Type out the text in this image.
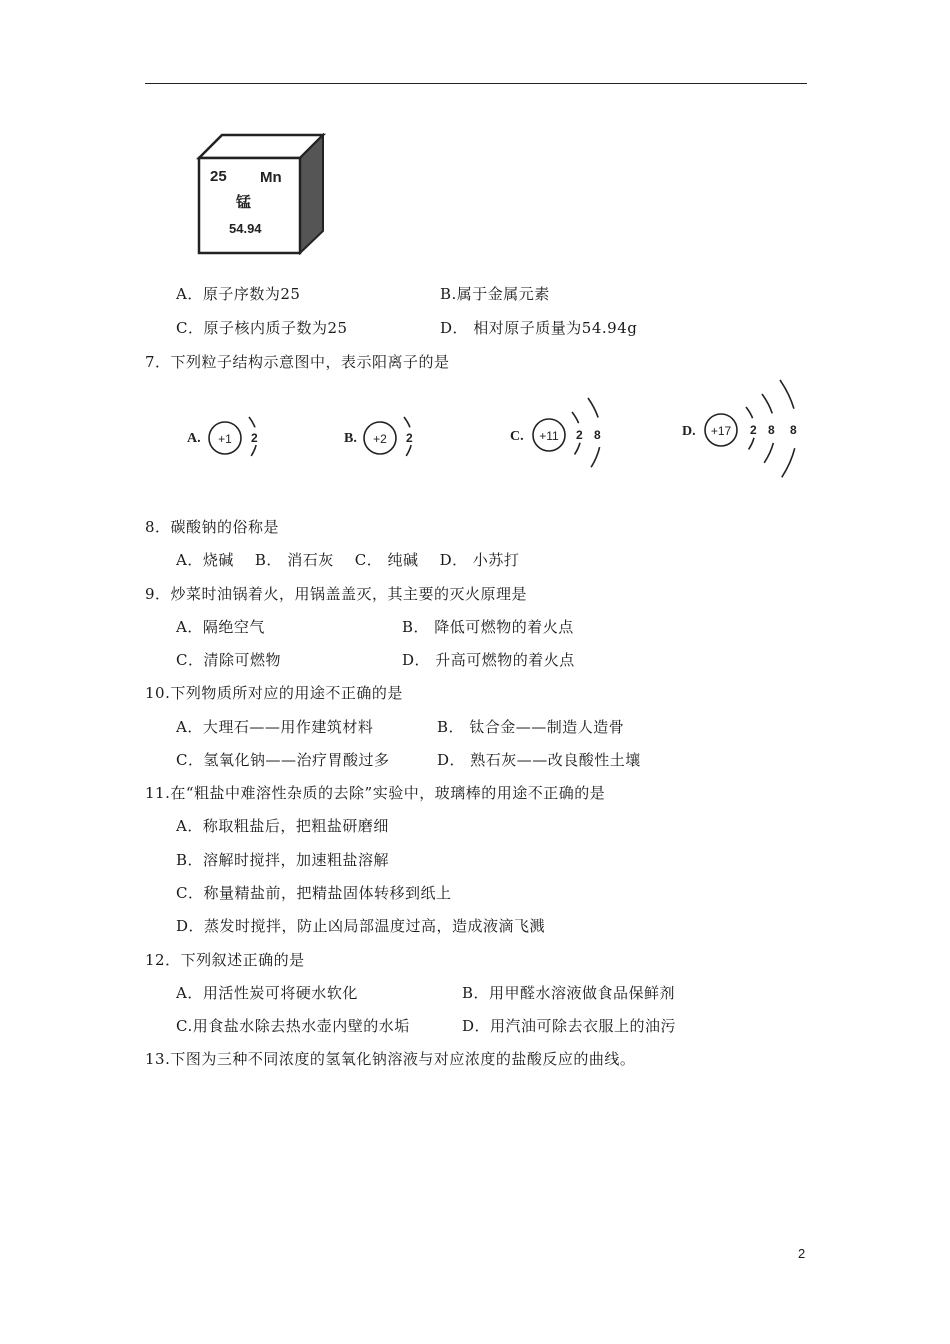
25 Mn
锰
54.94
A．原子序数为25	B.属于金属元素
C．原子核内质子数为25	D． 相对原子质量为54.94g
7．下列粒子结构示意图中，表示阳离子的是
A. +1 2	B. +2 2	C. +11 2 8	D. +17 2 8 8
8．碳酸钠的俗称是
A．烧碱    B． 消石灰    C． 纯碱    D． 小苏打
9．炒菜时油锅着火，用锅盖盖灭，其主要的灭火原理是
A．隔绝空气	B． 降低可燃物的着火点
C．清除可燃物	D． 升高可燃物的着火点
10.下列物质所对应的用途不正确的是
A．大理石——用作建筑材料	B． 钛合金——制造人造骨
C．氢氧化钠——治疗胃酸过多	D． 熟石灰——改良酸性土壤
11.在“粗盐中难溶性杂质的去除”实验中，玻璃棒的用途不正确的是
A．称取粗盐后，把粗盐研磨细
B．溶解时搅拌，加速粗盐溶解
C．称量精盐前，把精盐固体转移到纸上
D．蒸发时搅拌，防止凶局部温度过高，造成液滴飞溅
12．下列叙述正确的是
A．用活性炭可将硬水软化	B．用甲醛水溶液做食品保鲜剂
C.用食盐水除去热水壶内壁的水垢	D．用汽油可除去衣服上的油污
13.下图为三种不同浓度的氢氧化钠溶液与对应浓度的盐酸反应的曲线。
2
